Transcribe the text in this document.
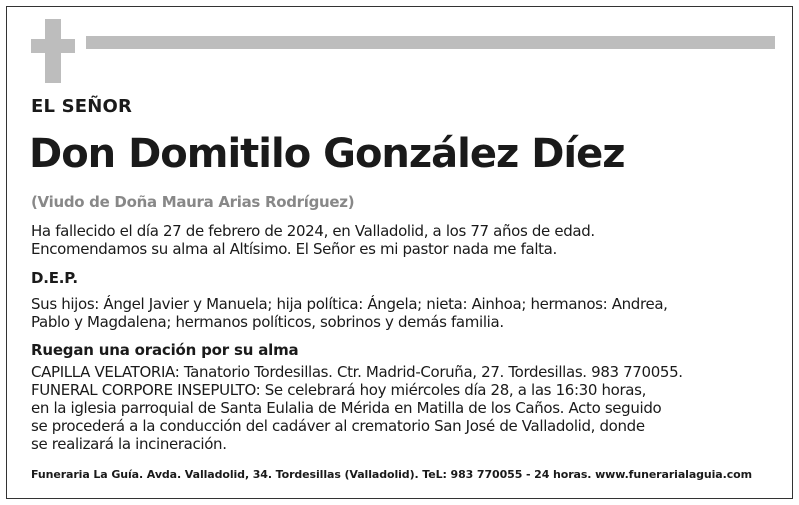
EL SEÑOR
Don Domitilo González Díez
(Viudo de Doña Maura Arias Rodríguez)
Ha fallecido el día 27 de febrero de 2024, en Valladolid, a los 77 años de edad.
Encomendamos su alma al Altísimo. El Señor es mi pastor nada me falta.
D.E.P.
Sus hijos: Ángel Javier y Manuela; hija política: Ángela; nieta: Ainhoa; hermanos: Andrea,
Pablo y Magdalena; hermanos políticos, sobrinos y demás familia.
Ruegan una oración por su alma
CAPILLA VELATORIA: Tanatorio Tordesillas. Ctr. Madrid-Coruña, 27. Tordesillas. 983 770055.
FUNERAL CORPORE INSEPULTO: Se celebrará hoy miércoles día 28, a las 16:30 horas,
en la iglesia parroquial de Santa Eulalia de Mérida en Matilla de los Caños. Acto seguido
se procederá a la conducción del cadáver al crematorio San José de Valladolid, donde
se realizará la incineración.
Funeraria La Guía. Avda. Valladolid, 34. Tordesillas (Valladolid). TeL: 983 770055 - 24 horas. www.funerarialaguia.com
